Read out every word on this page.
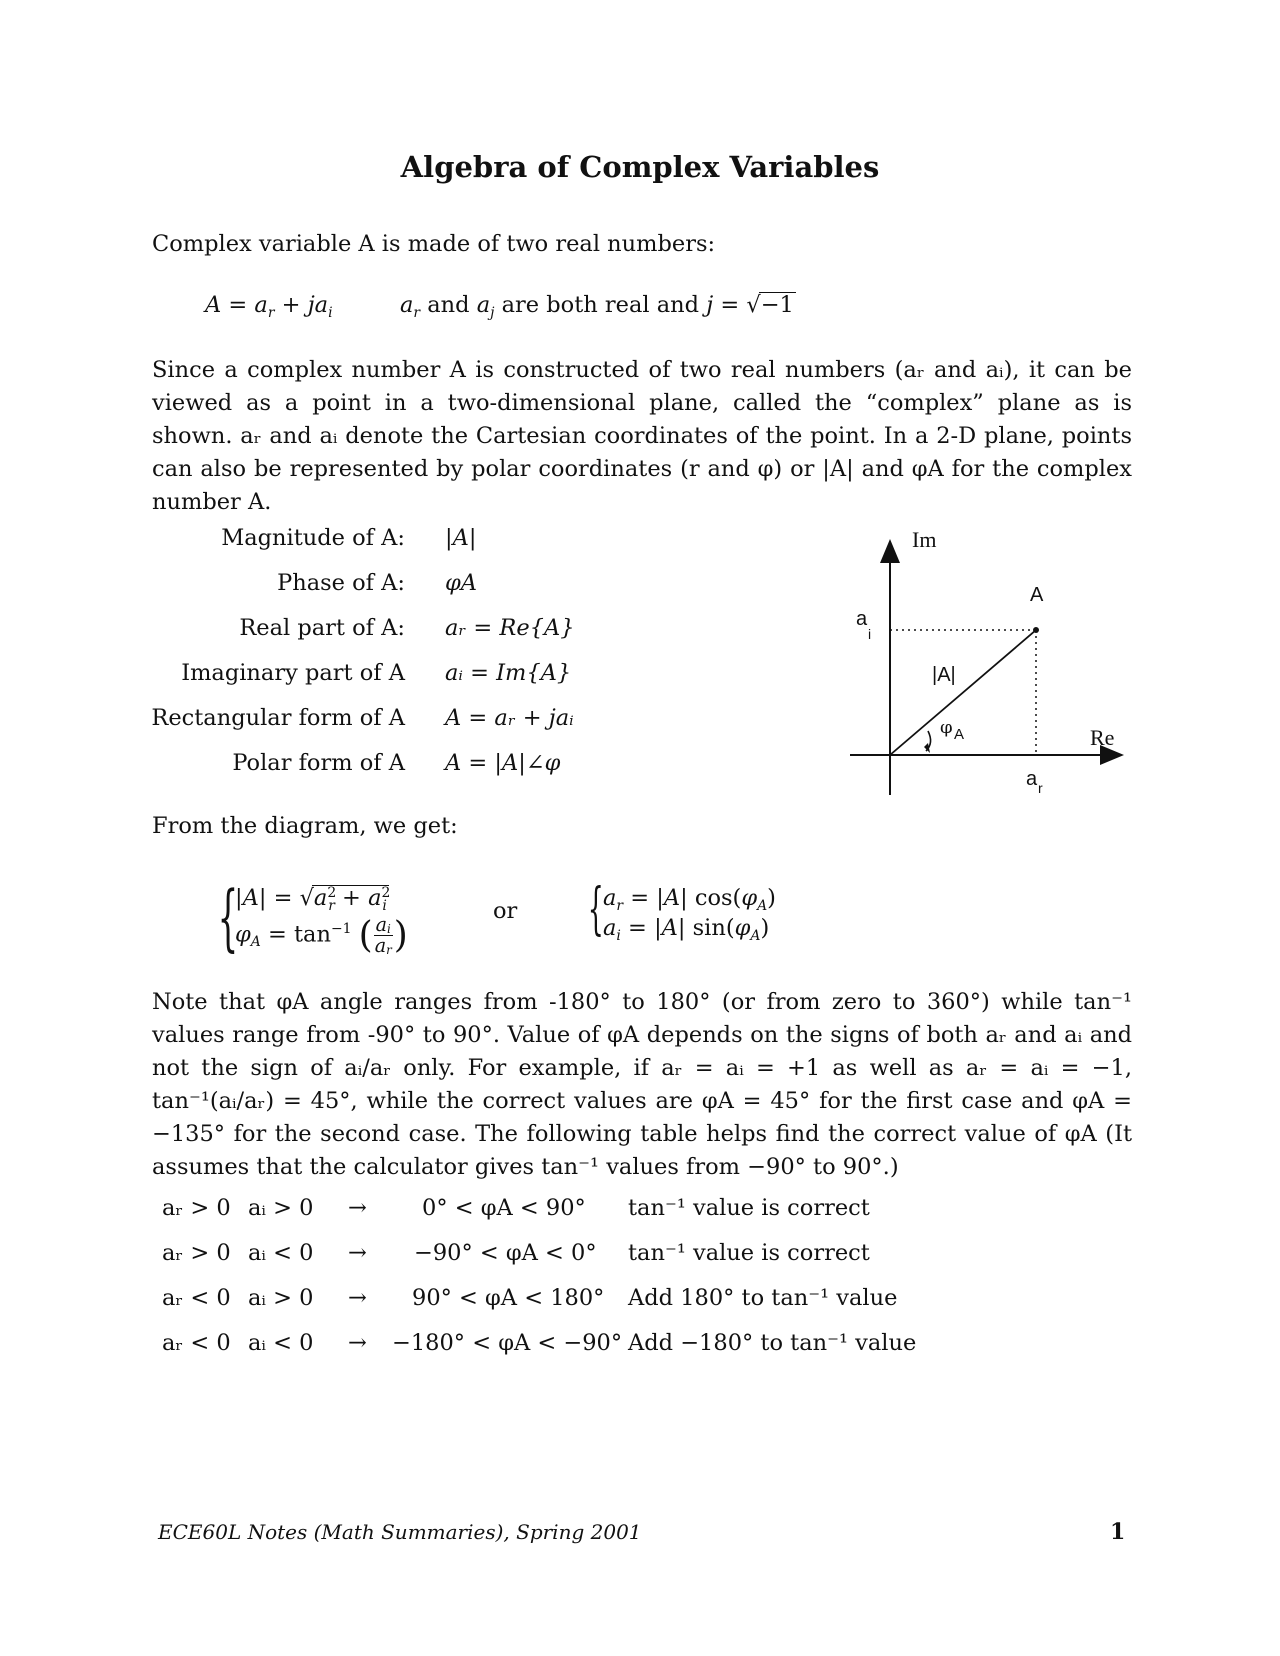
Algebra of Complex Variables
Complex variable A is made of two real numbers:
$A = a_r + ja_i$	$a_r$ and $a_j$ are both real and j = √−1
Since a complex number A is constructed of two real numbers (aᵣ and aᵢ), it can be viewed as a point in a two-dimensional plane, called the “complex” plane as is shown. aᵣ and aᵢ denote the Cartesian coordinates of the point. In a 2-D plane, points can also be represented by polar coordinates (r and φ) or |A| and φA for the complex number A.
Magnitude of A: |A|
Phase of A: φA
Real part of A: aᵣ = Re{A}
Imaginary part of A aᵢ = Im{A}
Rectangular form of A A = aᵣ + jaᵢ
Polar form of A A = |A|∠φ
Im
Re
A
a
i
a r
|A|
φ A
From the diagram, we get:
{
$|A| = √a^2_r + a^2_i$
$\varphi_A = \tan^{-1}$ ( $\frac{ai}{ar}$ )
or { $a_r = |A|$ $\cos(\varphi_A)$
$a_i = |A|$ $\sin(\varphi_A)$
Note that φA angle ranges from -180° to 180° (or from zero to 360°) while tan⁻¹ values range from -90° to 90°. Value of φA depends on the signs of both aᵣ and aᵢ and not the sign of aᵢ/aᵣ only. For example, if aᵣ = aᵢ = +1 as well as aᵣ = aᵢ = −1, tan⁻¹(aᵢ/aᵣ) = 45°, while the correct values are φA = 45° for the first case and φA = −135° for the second case. The following table helps find the correct value of φA (It assumes that the calculator gives tan⁻¹ values from −90° to 90°.)
aᵣ > 0 aᵢ > 0 → 0° < φA < 90° tan⁻¹ value is correct
aᵣ > 0 aᵢ < 0 → −90° < φA < 0° tan⁻¹ value is correct
aᵣ < 0 aᵢ > 0 → 90° < φA < 180° Add 180° to tan⁻¹ value
aᵣ < 0 aᵢ < 0 → −180° < φA < −90° Add −180° to tan⁻¹ value
ECE60L Notes (Math Summaries), Spring 2001	1
